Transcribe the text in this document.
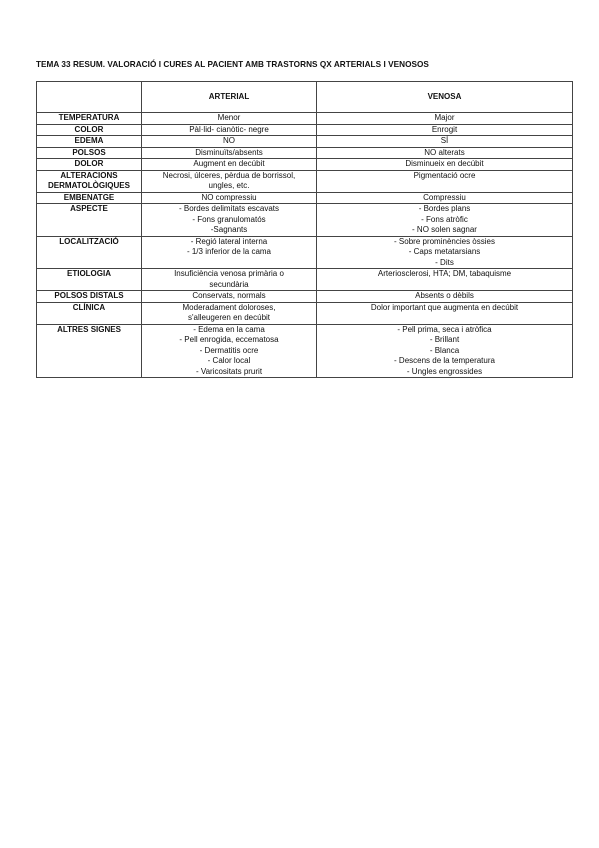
TEMA 33 RESUM. VALORACIÓ I CURES AL PACIENT AMB TRASTORNS QX ARTERIALS I VENOSOS
	ARTERIAL	VENOSA
TEMPERATURA	Menor	Major

COLOR	Pàl·lid- cianòtic- negre	Enrogit

EDEMA	NO	SÍ

POLSOS	Disminuïts/absents	NO alterats

DOLOR	Augment en decúbit	Disminueix en decúbit

ALTERACIONS DERMATOLÒGIQUES	Necrosi, úlceres, pèrdua de borrissol,
ungles, etc.	Pigmentació ocre

EMBENATGE	NO compressiu	Compressiu

ASPECTE	- Bordes delimitats escavats
- Fons granulomatós
-Sagnants	- Bordes plans
- Fons atròfic
- NO solen sagnar

LOCALITZACIÓ	- Regió lateral interna
- 1/3 inferior de la cama	- Sobre prominències òssies
- Caps metatarsians
- Dits

ETIOLOGIA	Insuficiència venosa primària o
secundària	Arteriosclerosi, HTA; DM, tabaquisme

POLSOS DISTALS	Conservats, normals	Absents o dèbils

CLÍNICA	Moderadament doloroses,
s'alleugeren en decúbit	Dolor important que augmenta en decúbit

ALTRES SIGNES	- Edema en la cama
- Pell enrogida, eccematosa
- Dermatitis ocre
- Calor local
- Varicositats prurit	- Pell prima, seca i atròfica
- Brillant
- Blanca
- Descens de la temperatura
- Ungles engrossides
